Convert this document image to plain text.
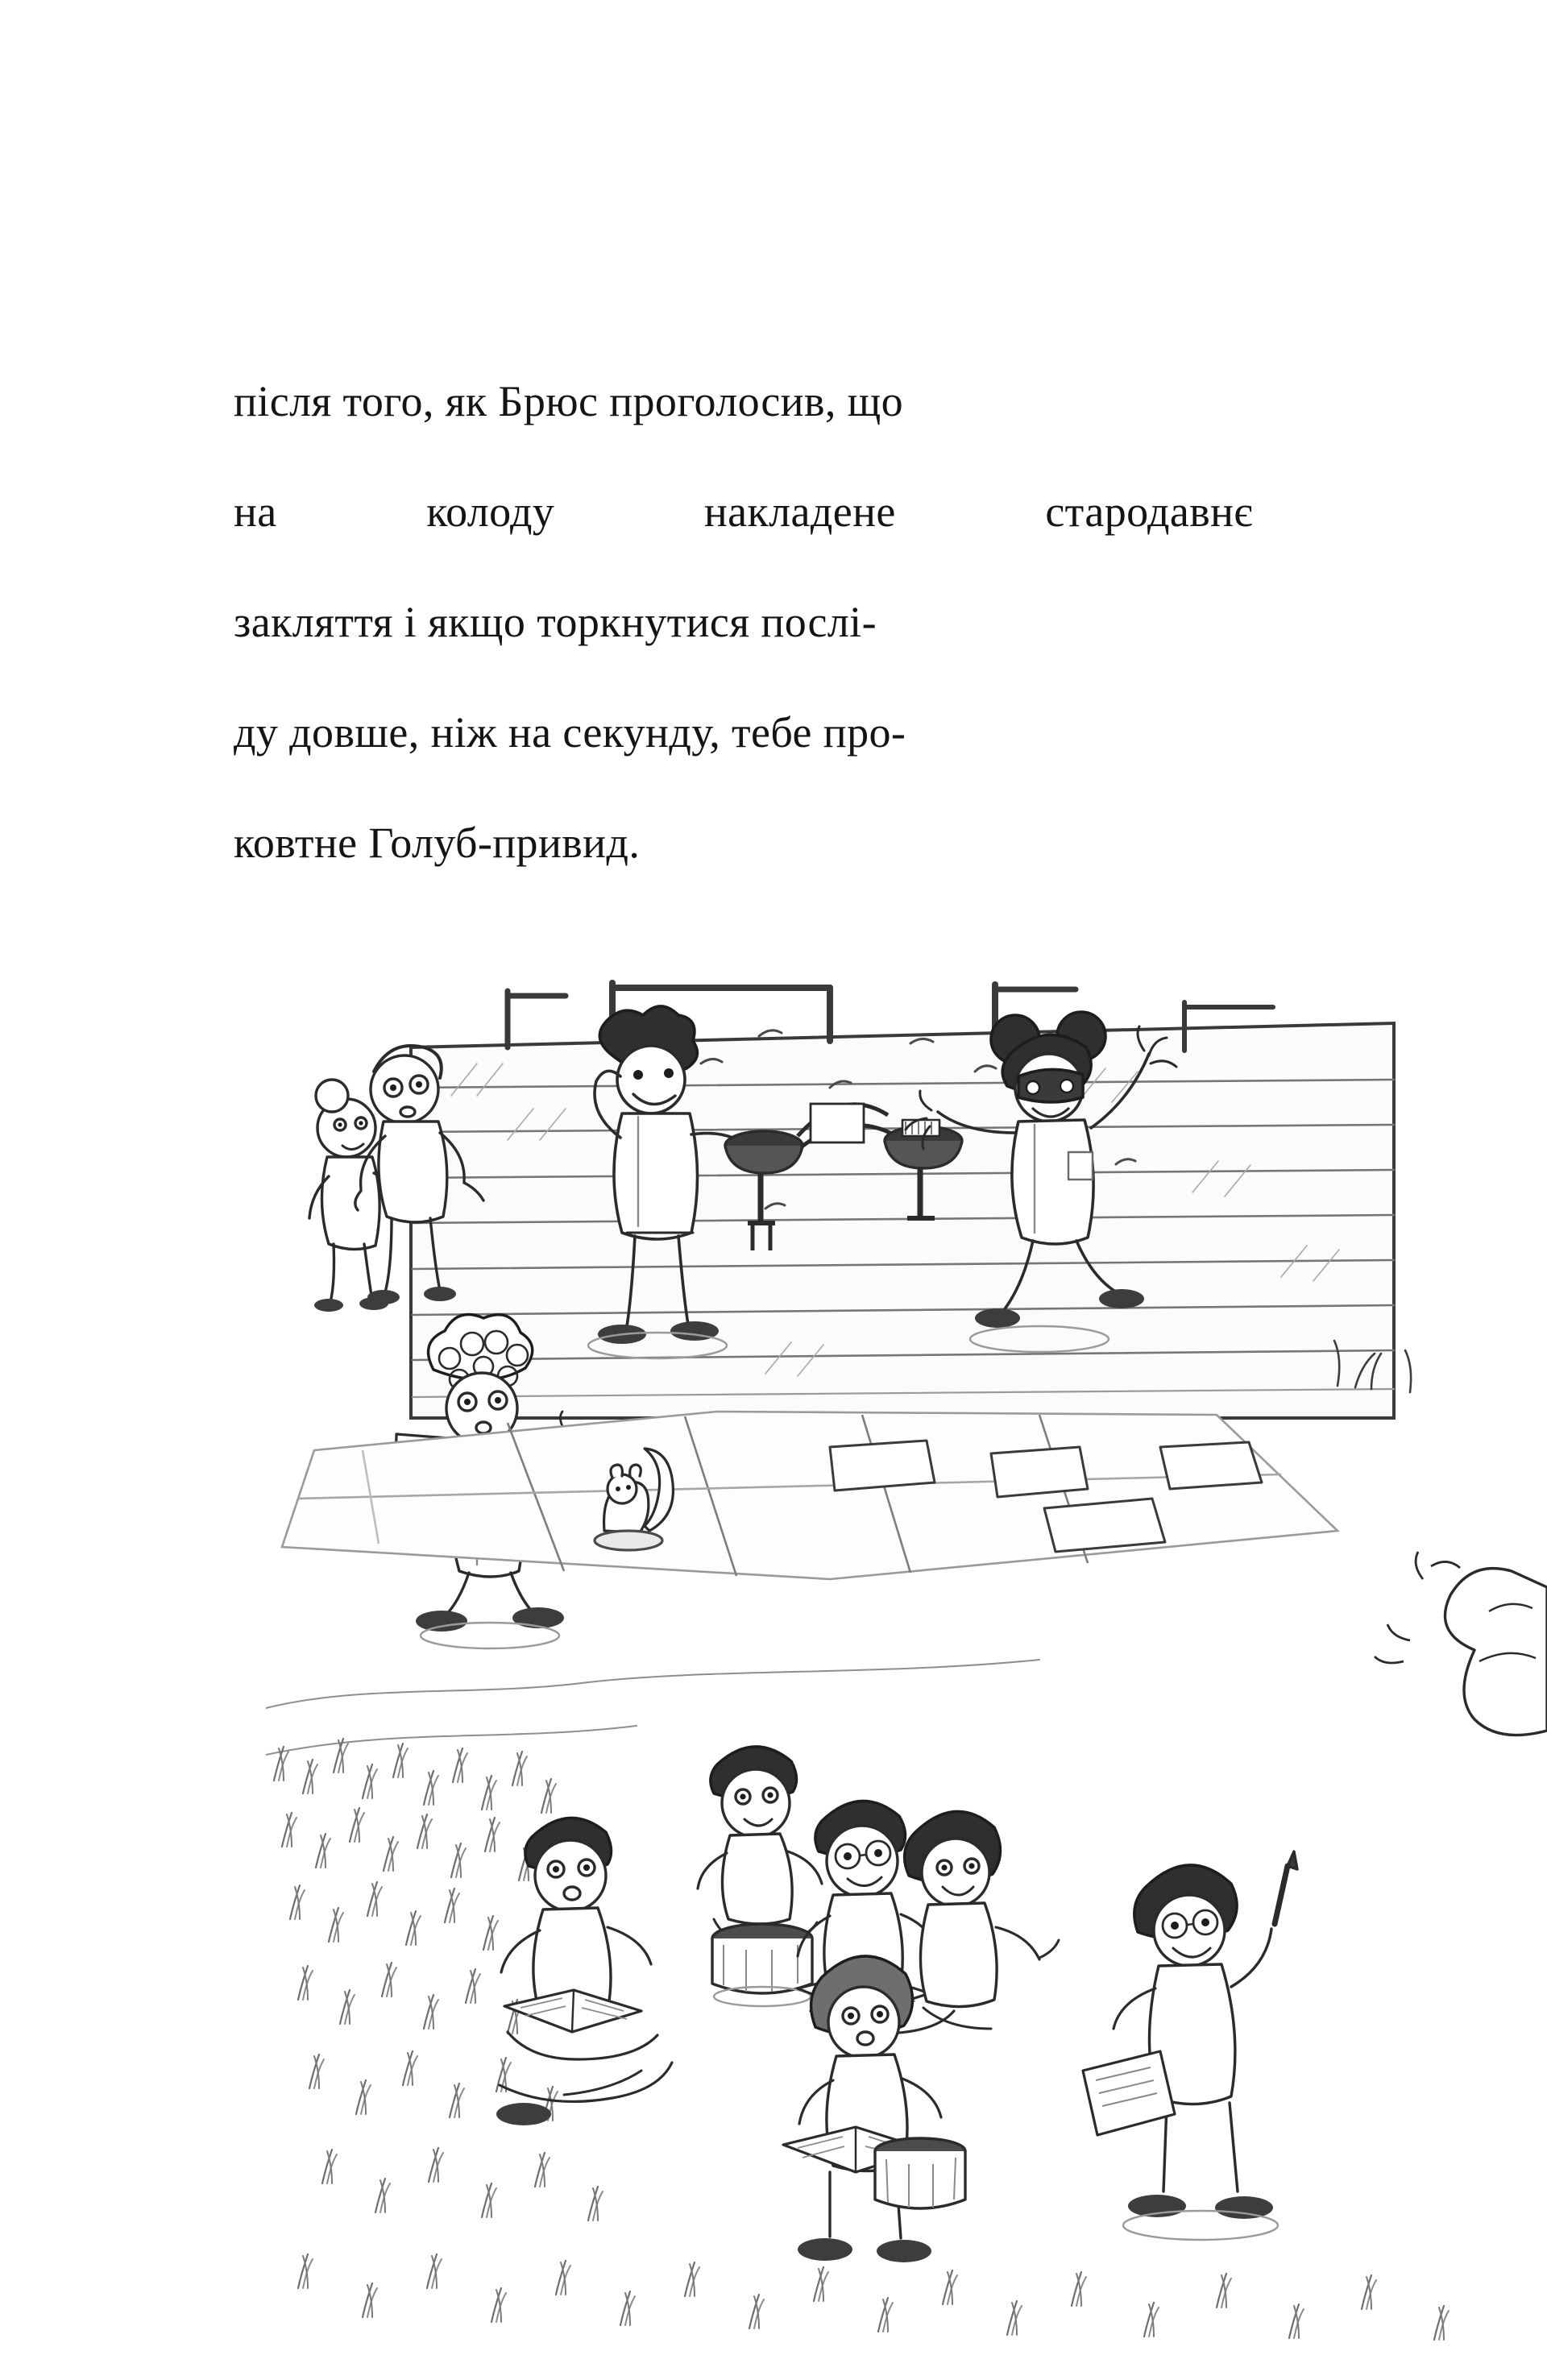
після того, як Брюс проголосив, що
на	колоду	накладене	стародавнє
закляття і якщо торкнутися послі-
ду довше, ніж на секунду, тебе про-
ковтне Голуб-привид.
